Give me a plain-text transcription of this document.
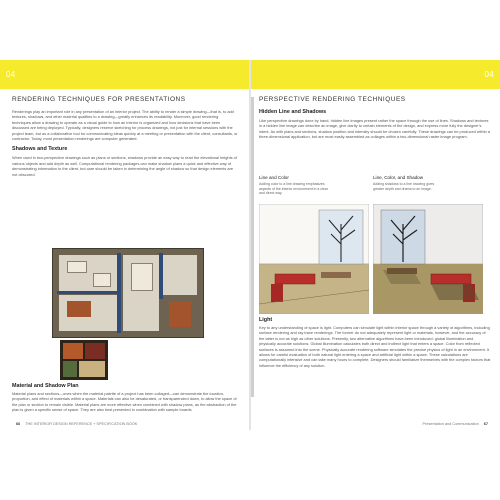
04
RENDERING TECHNIQUES FOR PRESENTATIONS

Renderings play an important role in any presentation of an interior project. The ability to render a simple drawing—that is, to add textures, shadows, and other material qualities to a drawing—greatly enhances its readability. Moreover, good rendering techniques allow a drawing to operate as a visual guide to how an interior is organized and how decisions that have been discussed are being deployed. Typically, designers reserve sketching for process drawings, not just for internal sessions with the project team, but as a collaborative tool for communicating ideas quickly at a meeting or presentation with the client, consultants, or contractor. Today, most presentation renderings are computer generated.

Shadows and Texture

When used in two-perspective drawings such as plans or sections, shadows provide an easy way to read the elevational heights of various objects and add depth as well. Computational rendering packages can make shadow plans a quick and effective way of demonstrating information to the client, but care should be taken in determining the angle of shadow so that design elements are not obscured.

Material and Shadow Plan

Material plans and sections—ones when the material palette of a project has been collaged—can demonstrate the location, proportion, and effect of materials within a space. Materials can also be desaturated, or transparencied down, to allow the space of the plan or section to remain visible. Material plans are more effective when combined with shadow plans, as the abstraction of the plan is given a specific sense of space. They are also best presented in combination with sample boards.

66 THE INTERIOR DESIGN REFERENCE + SPECIFICATION BOOK
04
PERSPECTIVE RENDERING TECHNIQUES
Hidden Line and Shadows

Like perspective drawings done by hand, hidden line images present rather the space through the use of lines. Shadows and textures in a hidden line image can describe an image, give clarity to certain elements of the design, and express more fully the designer's intent. As with plans and sections, shadow position and intensity should be chosen carefully. These drawings can be produced within a three-dimensional application, but are most easily assembled as collages within a two-dimensional raster image program.

Line and Color
Adding color to a line drawing emphasizes aspects of the interior environment in a clear and direct way.
Line, Color, and Shadow
Adding shadows to a line drawing gives greater depth and drama to an image.
Light

Key to any understanding of space is light. Computers can simulate light within interior space through a variety of algorithms, including surface rendering and ray trace renderings. The former do not adequately represent light or materials, however, and the accuracy of the latter is not as high as other solutions. Presently, two alternative algorithms have been introduced: global illumination and physically accurate solutions. Global illumination calculates both direct and indirect light that enters a space. Color from reflected surfaces is assumed into the scene. Physically accurate rendering software simulates the precise physics of light in an environment. It allows for careful evaluation of both natural light entering a space and artificial light within a space. These calculations are computationally intensive and can take many hours to complete. Designers should familiarize themselves with the complex factors that influence the efficiency of any solution.

Presentation and Communication 67
